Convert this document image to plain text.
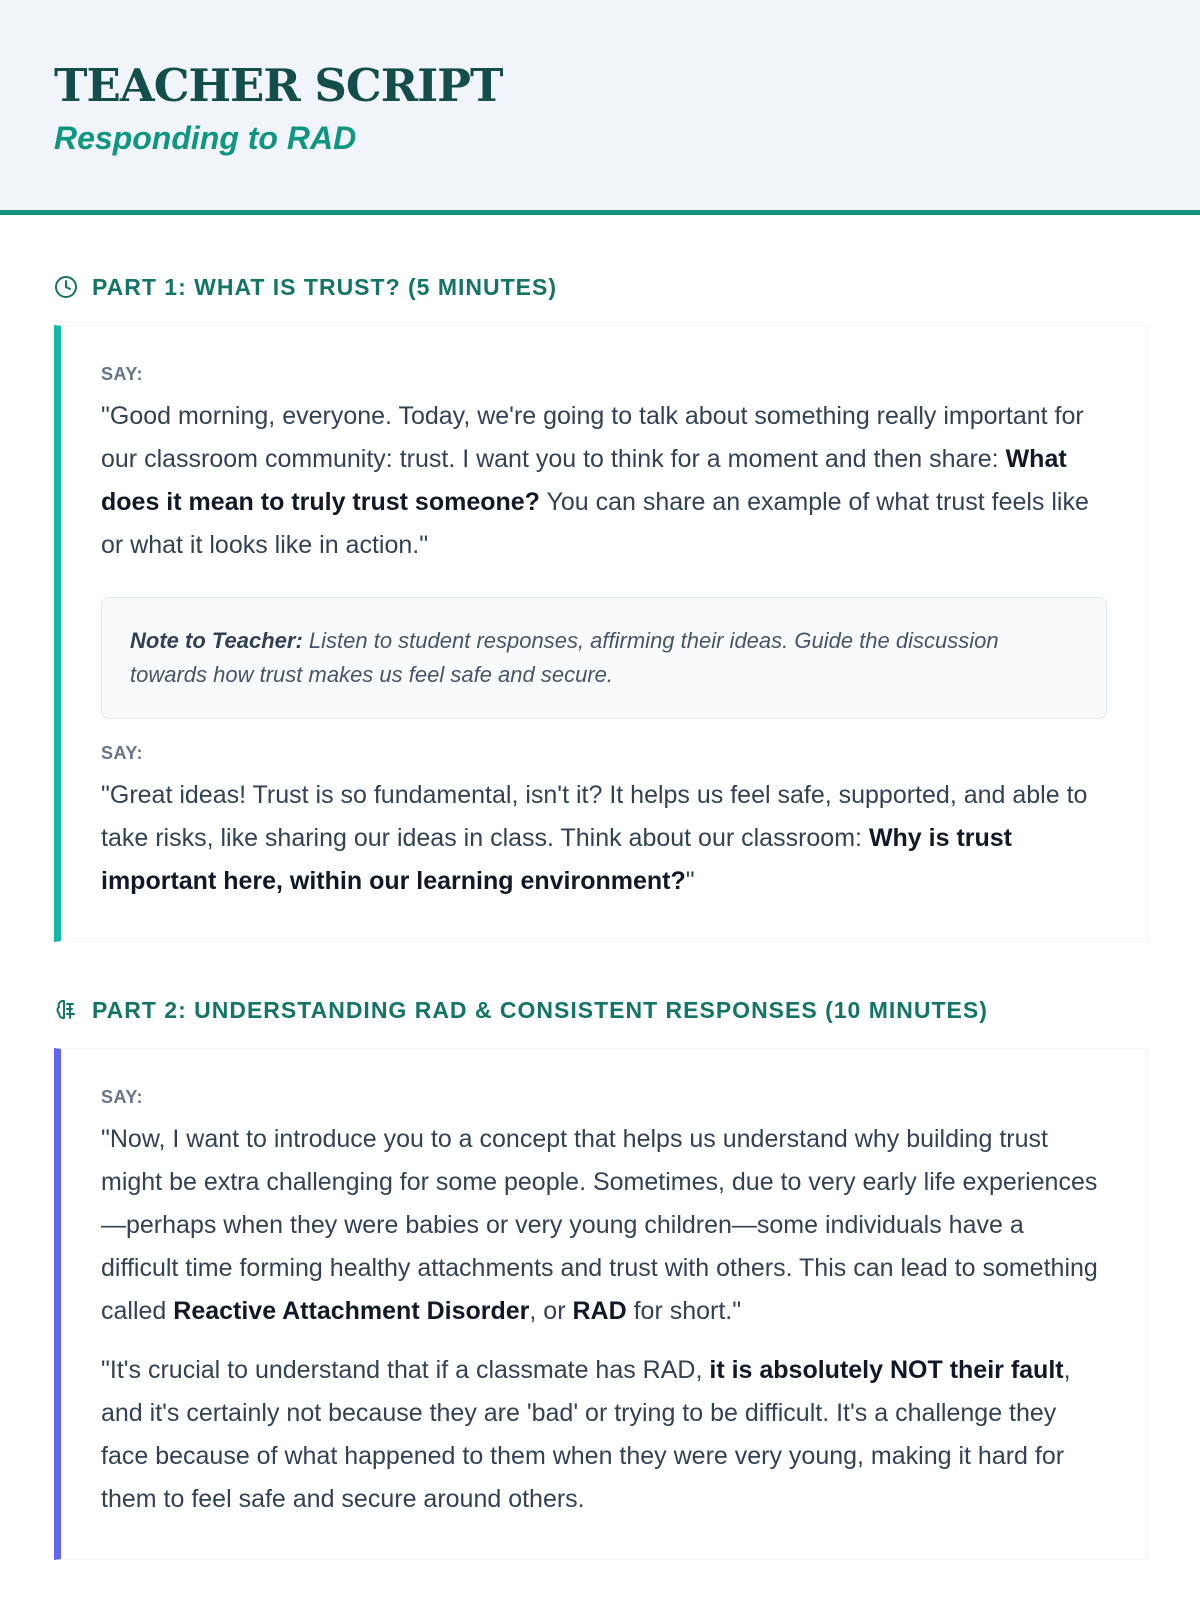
TEACHER SCRIPT

Responding to RAD

PART 1: WHAT IS TRUST? (5 MINUTES)
SAY:

"Good morning, everyone. Today, we're going to talk about something really important for our classroom community: trust. I want you to think for a moment and then share: What does it mean to truly trust someone? You can share an example of what trust feels like or what it looks like in action."

Note to Teacher: Listen to student responses, affirming their ideas. Guide the discussion towards how trust makes us feel safe and secure.
SAY:

"Great ideas! Trust is so fundamental, isn't it? It helps us feel safe, supported, and able to take risks, like sharing our ideas in class. Think about our classroom: Why is trust important here, within our learning environment?"

PART 2: UNDERSTANDING RAD & CONSISTENT RESPONSES (10 MINUTES)
SAY:

"Now, I want to introduce you to a concept that helps us understand why building trust might be extra challenging for some people. Sometimes, due to very early life experiences—perhaps when they were babies or very young children—some individuals have a difficult time forming healthy attachments and trust with others. This can lead to something called Reactive Attachment Disorder, or RAD for short."

"It's crucial to understand that if a classmate has RAD, it is absolutely NOT their fault, and it's certainly not because they are 'bad' or trying to be difficult. It's a challenge they face because of what happened to them when they were very young, making it hard for them to feel safe and secure around others.
